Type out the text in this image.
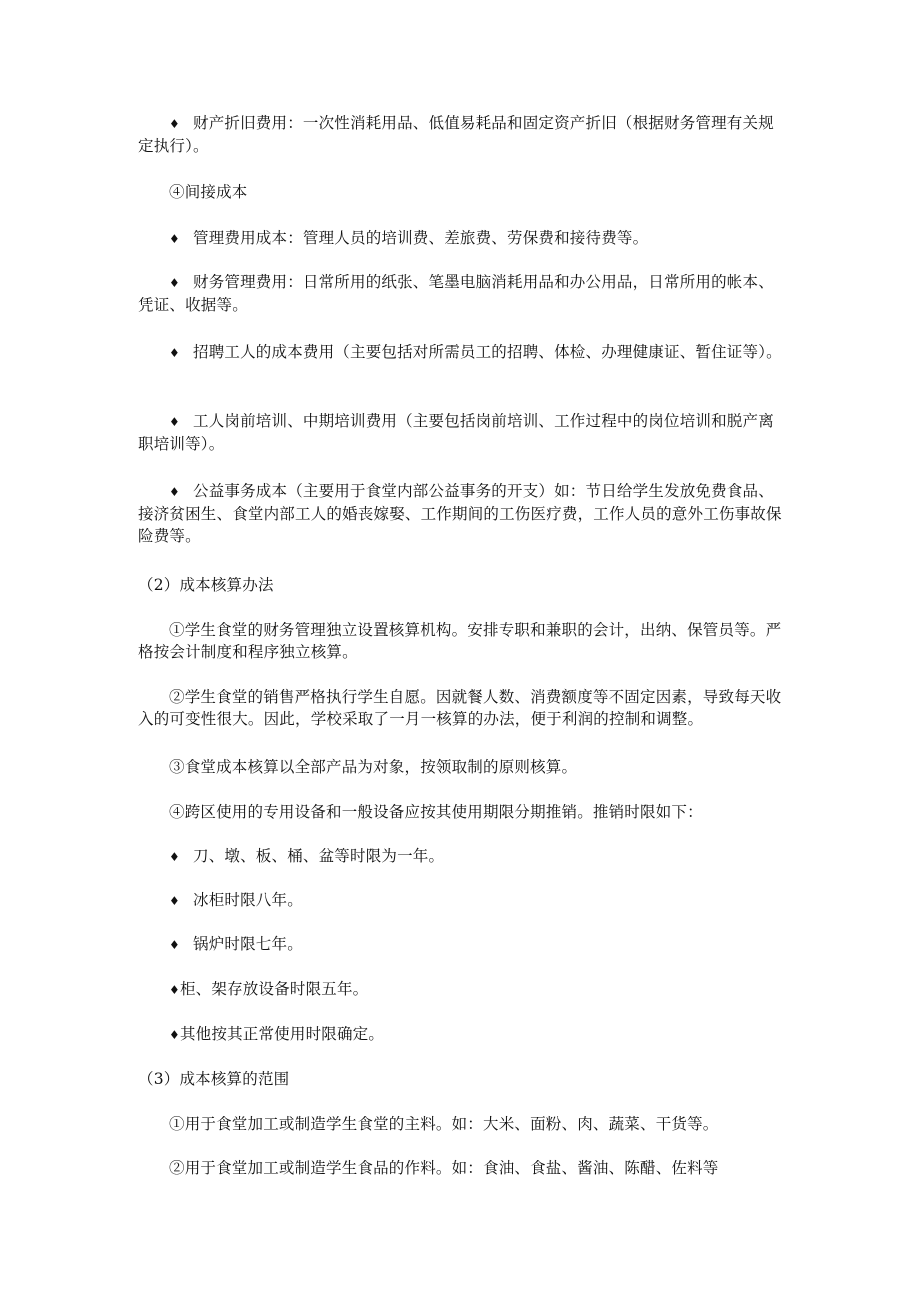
♦ 财产折旧费用：一次性消耗用品、低值易耗品和固定资产折旧（根据财务管理有关规定执行）。

④间接成本

♦ 管理费用成本：管理人员的培训费、差旅费、劳保费和接待费等。

♦ 财务管理费用：日常所用的纸张、笔墨电脑消耗用品和办公用品，日常所用的帐本、凭证、收据等。

♦ 招聘工人的成本费用（主要包括对所需员工的招聘、体检、办理健康证、暂住证等）。

♦ 工人岗前培训、中期培训费用（主要包括岗前培训、工作过程中的岗位培训和脱产离职培训等）。

♦ 公益事务成本（主要用于食堂内部公益事务的开支）如：节日给学生发放免费食品、接济贫困生、食堂内部工人的婚丧嫁娶、工作期间的工伤医疗费，工作人员的意外工伤事故保险费等。

（2）成本核算办法

①学生食堂的财务管理独立设置核算机构。安排专职和兼职的会计，出纳、保管员等。严格按会计制度和程序独立核算。

②学生食堂的销售严格执行学生自愿。因就餐人数、消费额度等不固定因素，导致每天收入的可变性很大。因此，学校采取了一月一核算的办法，便于利润的控制和调整。

③食堂成本核算以全部产品为对象，按领取制的原则核算。

④跨区使用的专用设备和一般设备应按其使用期限分期推销。推销时限如下：

♦ 刀、墩、板、桶、盆等时限为一年。

♦ 冰柜时限八年。

♦ 锅炉时限七年。

♦柜、架存放设备时限五年。

♦其他按其正常使用时限确定。

（3）成本核算的范围

①用于食堂加工或制造学生食堂的主料。如：大米、面粉、肉、蔬菜、干货等。

②用于食堂加工或制造学生食品的作料。如：食油、食盐、酱油、陈醋、佐料等
